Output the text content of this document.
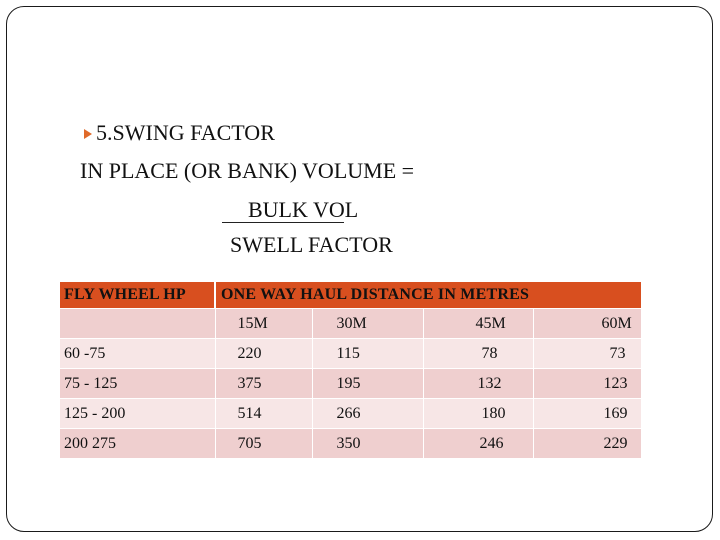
5.SWING FACTOR
IN PLACE (OR BANK) VOLUME =
BULK VOL
SWELL FACTOR
FLY WHEEL HP	ONE WAY HAUL DISTANCE IN METRES			
	15M	30M	45M	60M
60 -75	220	115	78	73
75 - 125	375	195	132	123
125 - 200	514	266	180	169
200 275	705	350	246	229
